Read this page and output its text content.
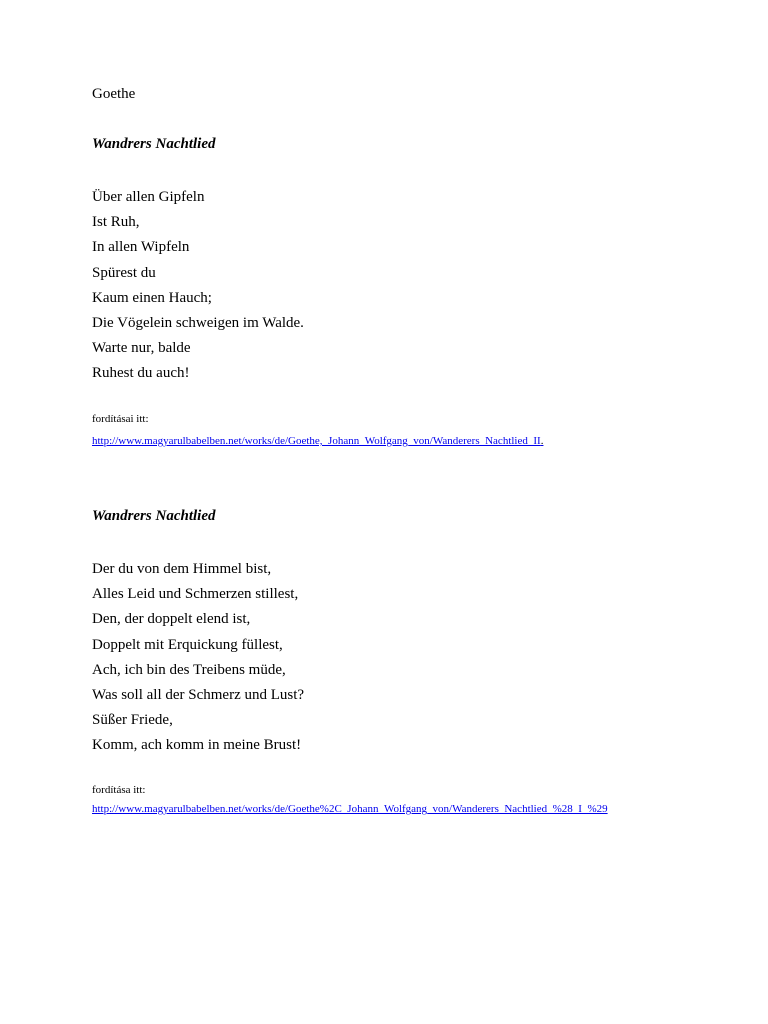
Goethe
Wandrers Nachtlied
Über allen Gipfeln
Ist Ruh,
In allen Wipfeln
Spürest du
Kaum einen Hauch;
Die Vögelein schweigen im Walde.
Warte nur, balde
Ruhest du auch!
fordításai itt:
http://www.magyarulbabelben.net/works/de/Goethe,_Johann_Wolfgang_von/Wanderers_Nachtlied_II.
Wandrers Nachtlied
Der du von dem Himmel bist,
Alles Leid und Schmerzen stillest,
Den, der doppelt elend ist,
Doppelt mit Erquickung füllest,
Ach, ich bin des Treibens müde,
Was soll all der Schmerz und Lust?
Süßer Friede,
Komm, ach komm in meine Brust!
fordítása itt:
http://www.magyarulbabelben.net/works/de/Goethe%2C_Johann_Wolfgang_von/Wanderers_Nachtlied_%28_I_%29
